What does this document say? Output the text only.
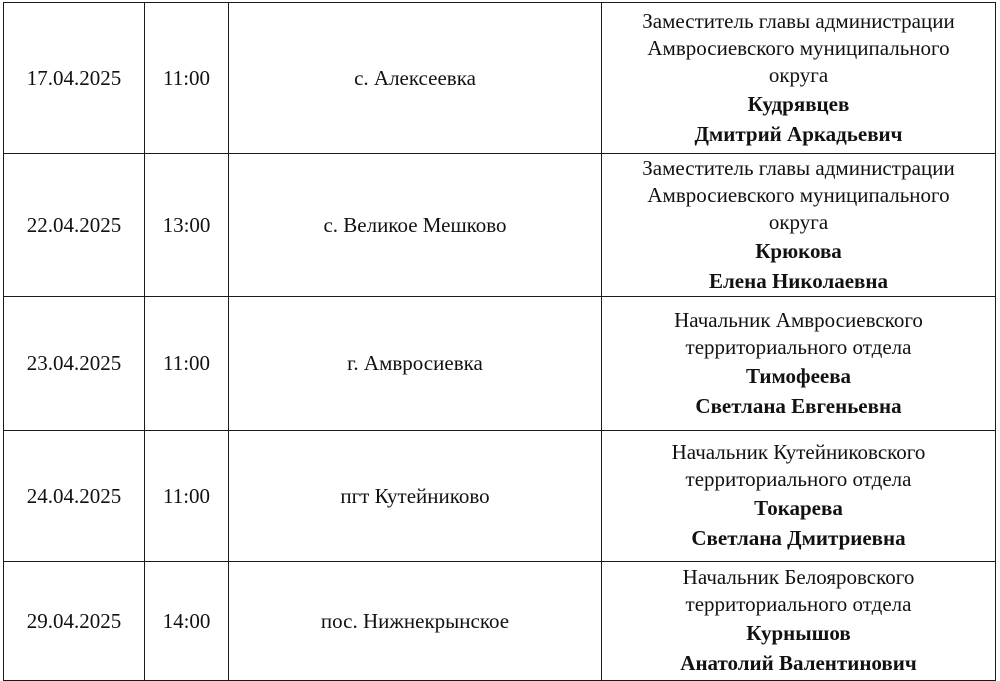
17.04.2025	11:00	с. Алексеевка	Заместитель главы администрации
Амвросиевского муниципального
округа
Кудрявцев
Дмитрий Аркадьевич

22.04.2025	13:00	с. Великое Мешково	Заместитель главы администрации
Амвросиевского муниципального
округа
Крюкова
Елена Николаевна

23.04.2025	11:00	г. Амвросиевка	Начальник Амвросиевского
территориального отдела
Тимофеева
Светлана Евгеньевна

24.04.2025	11:00	пгт Кутейниково	Начальник Кутейниковского
территориального отдела
Токарева
Светлана Дмитриевна

29.04.2025	14:00	пос. Нижнекрынское	Начальник Белояровского
территориального отдела
Курнышов
Анатолий Валентинович
